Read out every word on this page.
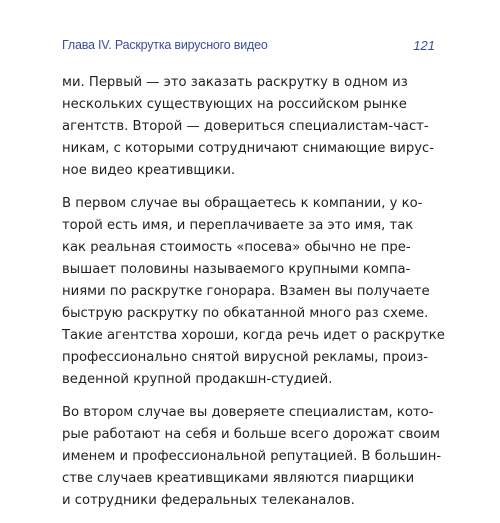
Глава IV. Раскрутка вирусного видео	121

ми. Первый — это заказать раскрутку в одном из
нескольких существующих на российском рынке
агентств. Второй — довериться специалистам-част-
никам, с которыми сотрудничают снимающие вирус-
ное видео креативщики.

В первом случае вы обращаетесь к компании, у ко-
торой есть имя, и переплачиваете за это имя, так
как реальная стоимость «посева» обычно не пре-
вышает половины называемого крупными компа-
ниями по раскрутке гонорара. Взамен вы получаете
быструю раскрутку по обкатанной много раз схеме.
Такие агентства хороши, когда речь идет о раскрутке
профессионально снятой вирусной рекламы, произ-
веденной крупной продакшн-студией.

Во втором случае вы доверяете специалистам, кото-
рые работают на себя и больше всего дорожат своим
именем и профессиональной репутацией. В большин-
стве случаев креативщиками являются пиарщики
и сотрудники федеральных телеканалов.
